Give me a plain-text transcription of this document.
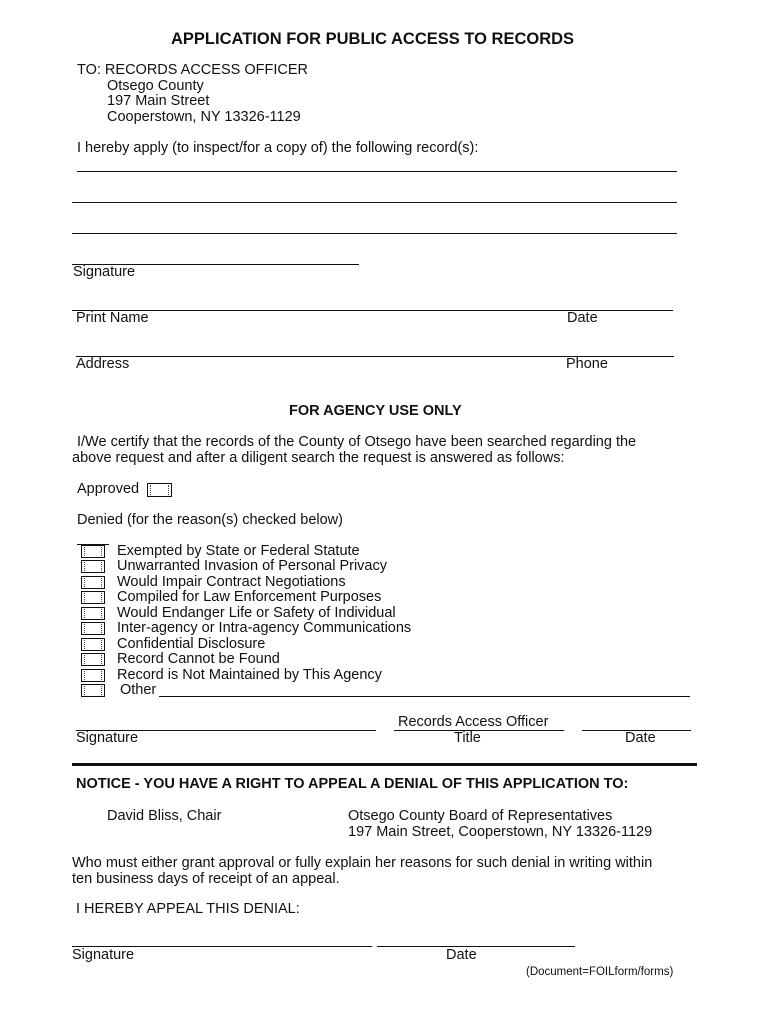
APPLICATION FOR PUBLIC ACCESS TO RECORDS
TO: RECORDS ACCESS OFFICER
Otsego County
197 Main Street
Cooperstown, NY 13326-1129
I hereby apply (to inspect/for a copy of) the following record(s):
Signature
Print Name	Date
Address	Phone
FOR AGENCY USE ONLY
I/We certify that the records of the County of Otsego have been searched regarding the
above request and after a diligent search the request is answered as follows:
Approved
Denied (for the reason(s) checked below)
Exempted by State or Federal Statute
Unwarranted Invasion of Personal Privacy
Would Impair Contract Negotiations
Compiled for Law Enforcement Purposes
Would Endanger Life or Safety of Individual
Inter-agency or Intra-agency Communications
Confidential Disclosure
Record Cannot be Found
Record is Not Maintained by This Agency
Other
Signature
Records Access Officer
Title	Date
NOTICE - YOU HAVE A RIGHT TO APPEAL A DENIAL OF THIS APPLICATION TO:
David Bliss, Chair	Otsego County Board of Representatives
197 Main Street, Cooperstown, NY 13326-1129
Who must either grant approval or fully explain her reasons for such denial in writing within
ten business days of receipt of an appeal.
I HEREBY APPEAL THIS DENIAL:
Signature	Date
(Document=FOILform/forms)
